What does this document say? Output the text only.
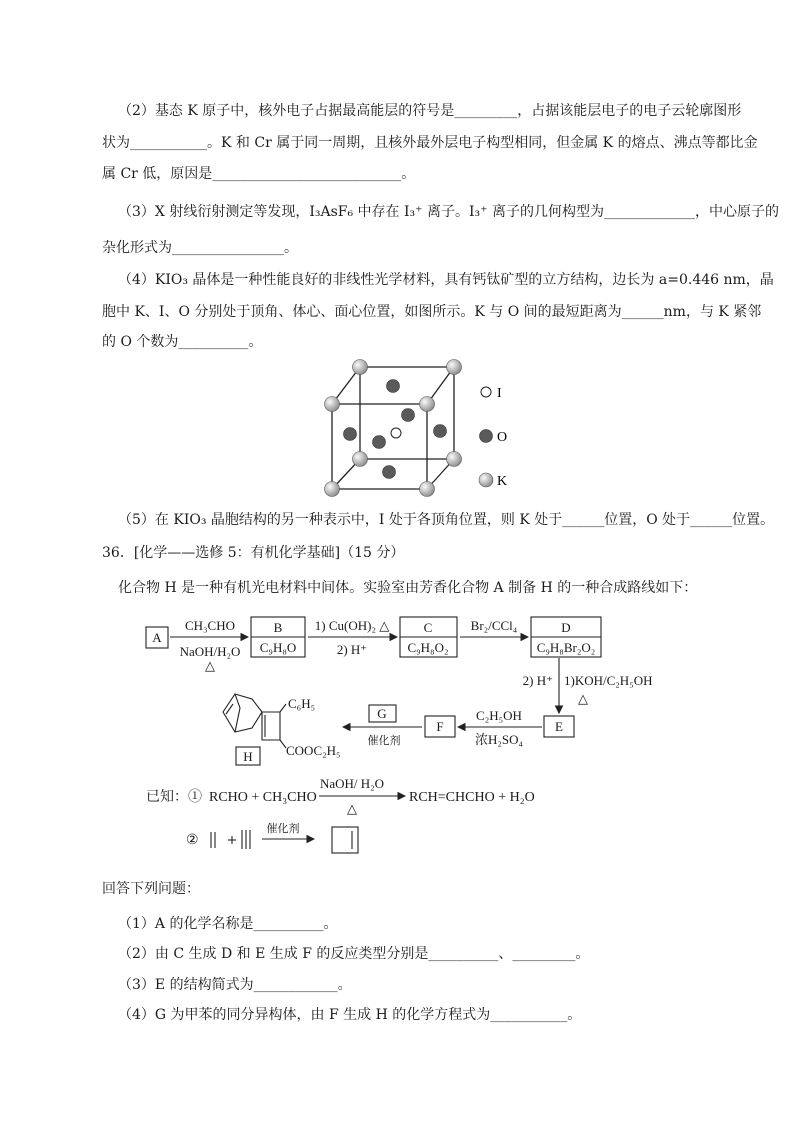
（2）基态 K 原子中，核外电子占据最高能层的符号是_________，占据该能层电子的电子云轮廓图形
状为___________。K 和 Cr 属于同一周期，且核外最外层电子构型相同，但金属 K 的熔点、沸点等都比金
属 Cr 低，原因是___________________________。
（3）X 射线衍射测定等发现，I₃AsF₆ 中存在 I₃⁺ 离子。I₃⁺ 离子的几何构型为_____________，中心原子的
杂化形式为________________。
（4）KIO₃ 晶体是一种性能良好的非线性光学材料，具有钙钛矿型的立方结构，边长为 a=0.446 nm，晶
胞中 K、I、O 分别处于顶角、体心、面心位置，如图所示。K 与 O 间的最短距离为______nm，与 K 紧邻
的 O 个数为__________。
I
O
K
（5）在 KIO₃ 晶胞结构的另一种表示中，I 处于各顶角位置，则 K 处于______位置，O 处于______位置。
36．[化学——选修 5：有机化学基础]（15 分）
化合物 H 是一种有机光电材料中间体。实验室由芳香化合物 A 制备 H 的一种合成路线如下：
A
B
C₉H₈O
C
C₉H₈O₂
D
C₉H₈Br₂O₂
E
F
G
H
CH₃CHO
NaOH/H₂O
△
1) Cu(OH)₂ △
2) H⁺
Br₂/CCl₄
2) H⁺ 1)KOH/C₂H₅OH
△
C₂H₅OH
浓H₂SO₄
催化剂
C₆H₅
COOC₂H₅
已知：① RCHO + CH₃CHO
NaOH/ H₂O
△
RCH=CHCHO + H₂O
②
催化剂
回答下列问题：
（1）A 的化学名称是__________。
（2）由 C 生成 D 和 E 生成 F 的反应类型分别是__________、_________。
（3）E 的结构简式为____________。
（4）G 为甲苯的同分异构体，由 F 生成 H 的化学方程式为___________。
